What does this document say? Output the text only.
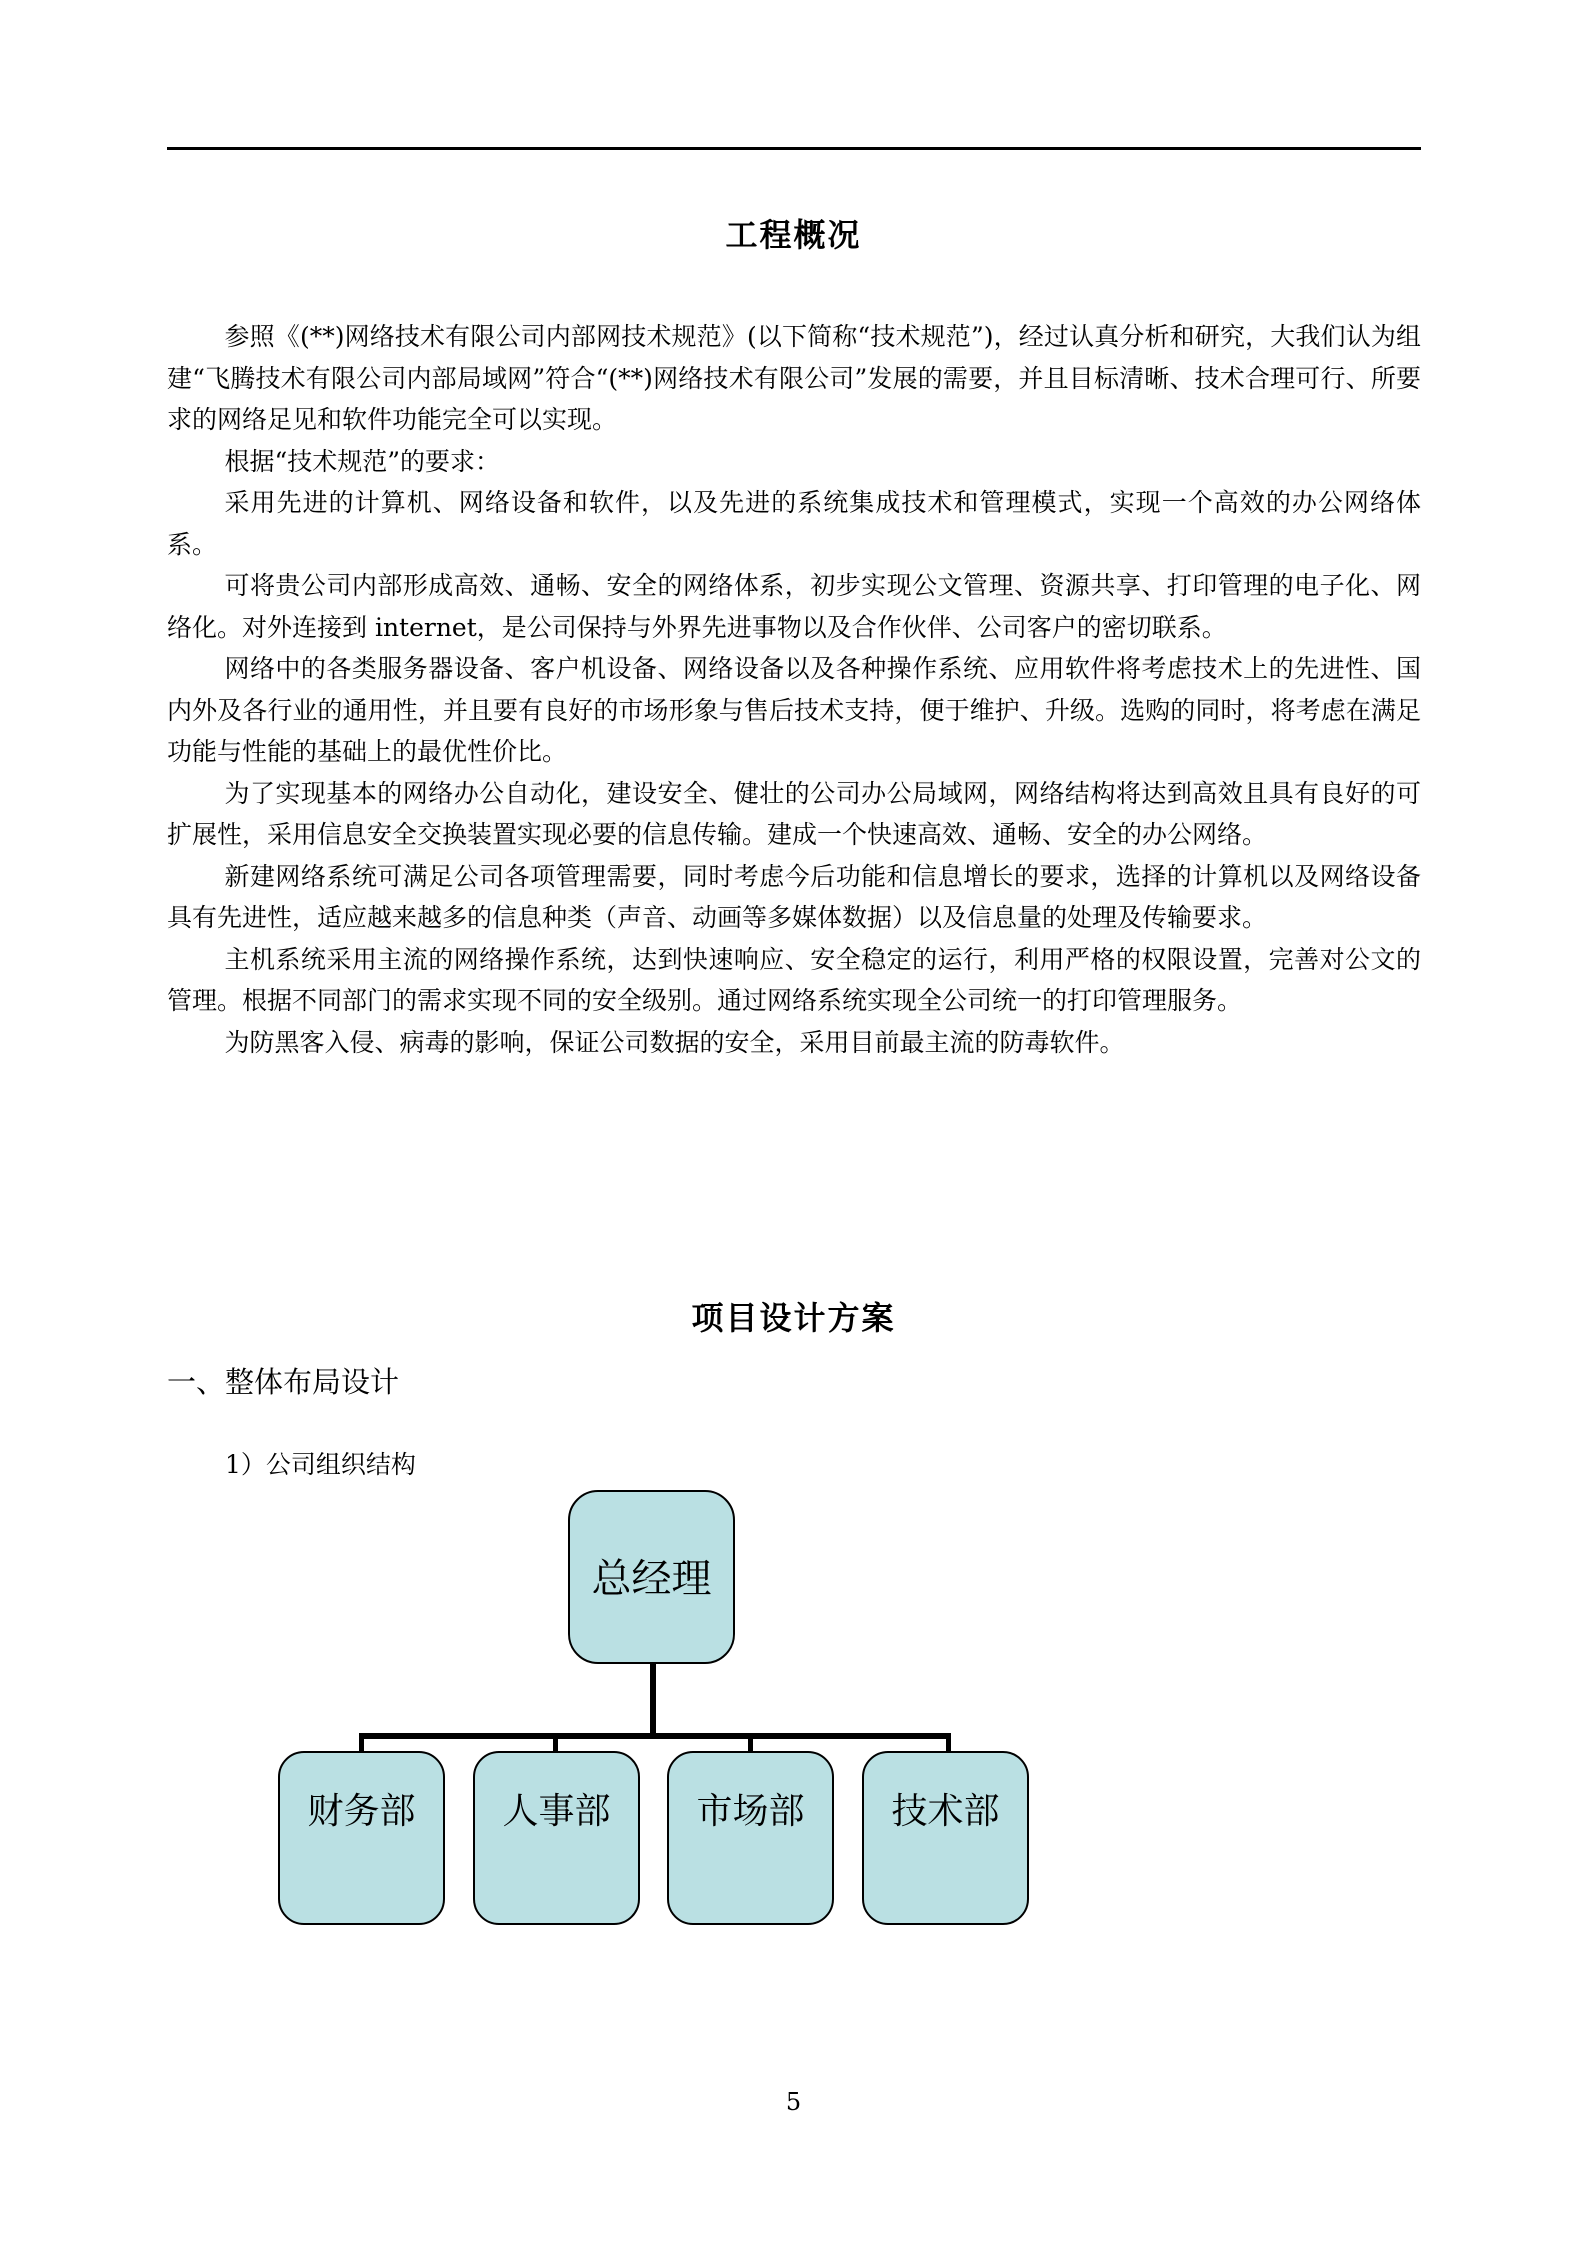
工程概况

参照《(**)网络技术有限公司内部网技术规范》(以下简称“技术规范”)，经过认真分析和研究，大我们认为组建“飞腾技术有限公司内部局域网”符合“(**)网络技术有限公司”发展的需要，并且目标清晰、技术合理可行、所要求的网络足见和软件功能完全可以实现。

根据“技术规范”的要求：

采用先进的计算机、网络设备和软件，以及先进的系统集成技术和管理模式，实现一个高效的办公网络体系。

可将贵公司内部形成高效、通畅、安全的网络体系，初步实现公文管理、资源共享、打印管理的电子化、网络化。对外连接到 internet，是公司保持与外界先进事物以及合作伙伴、公司客户的密切联系。

网络中的各类服务器设备、客户机设备、网络设备以及各种操作系统、应用软件将考虑技术上的先进性、国内外及各行业的通用性，并且要有良好的市场形象与售后技术支持，便于维护、升级。选购的同时，将考虑在满足功能与性能的基础上的最优性价比。

为了实现基本的网络办公自动化，建设安全、健壮的公司办公局域网，网络结构将达到高效且具有良好的可扩展性，采用信息安全交换装置实现必要的信息传输。建成一个快速高效、通畅、安全的办公网络。

新建网络系统可满足公司各项管理需要，同时考虑今后功能和信息增长的要求，选择的计算机以及网络设备具有先进性，适应越来越多的信息种类（声音、动画等多媒体数据）以及信息量的处理及传输要求。

主机系统采用主流的网络操作系统，达到快速响应、安全稳定的运行，利用严格的权限设置，完善对公文的管理。根据不同部门的需求实现不同的安全级别。通过网络系统实现全公司统一的打印管理服务。

为防黑客入侵、病毒的影响，保证公司数据的安全，采用目前最主流的防毒软件。

项目设计方案
一、整体布局设计
1）公司组织结构
总经理
财务部	人事部	市场部	技术部
5
